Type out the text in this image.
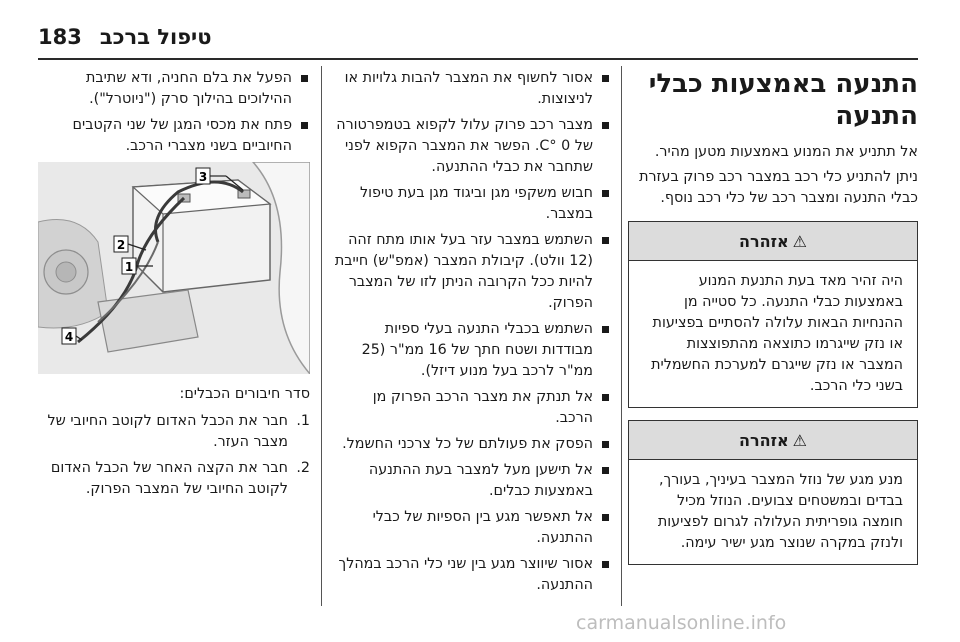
183 טיפול ברכב
התנעה באמצעות כבלי התנעה

אל תתניע את המנוע באמצעות מטען מהיר.

ניתן להתניע כלי רכב במצבר רכב פרוק בעזרת כבלי התנעה ומצבר רכב של כלי רכב נוסף.

⚠
אזהרה
היה זהיר מאד בעת התנעת המנוע באמצעות כבלי התנעה. כל סטייה מן ההנחיות הבאות עלולה להסתיים בפציעות או נזק שייגרמו כתוצאה מהתפוצצות המצבר או נזק שייגרם למערכת החשמלית בשני כלי הרכב.
⚠
אזהרה
מנע מגע של נוזל המצבר בעיניך, בעורך, בבדים ובמשטחים צבועים. הנוזל מכיל חומצה גופריתית העלולה לגרום לפציעות ולנזק במקרה שנוצר מגע ישיר עימה.
אסור לחשוף את המצבר להבות גלויות או לניצוצות.
מצבר רכב פרוק עלול לקפוא בטמפרטורה של 0 °C. הפשר את המצבר הקפוא לפני שתחבר את כבלי ההתנעה.
חבוש משקפי מגן וביגוד מגן בעת טיפול במצבר.
השתמש במצבר עזר בעל אותו מתח זהה (12 וולט). קיבולת המצבר (אמפ"ש) חייבת להיות ככל הקרובה הניתן לזו של המצבר הפרוק.
השתמש בכבלי התנעה בעלי ספיות מבודדות ושטח חתך של 16 ממ"ר (25 ממ"ר לרכב בעל מנוע דיזל).
אל תנתק את מצבר הרכב הפרוק מן הרכב.
הפסק את פעולתם של כל צרכני החשמל.
אל תישען מעל למצבר בעת ההתנעה באמצעות כבלים.
אל תאפשר מגע בין הספיות של כבלי ההתנעה.
אסור שיווצר מגע בין שני כלי הרכב במהלך ההתנעה.
הפעל את בלם החניה, ודא שתיבת ההילוכים בהילוך סרק ("ניוטרל").
פתח את מכסי המגן של שני הקטבים החיוביים בשני מצברי הרכב.
3
2
1
4

סדר חיבורים הכבלים:

1.
חבר את הכבל האדום לקוטב החיובי של מצבר העזר.
2.
חבר את הקצה האחר של הכבל האדום לקוטב החיובי של המצבר הפרוק.
carmanualsonline.info
